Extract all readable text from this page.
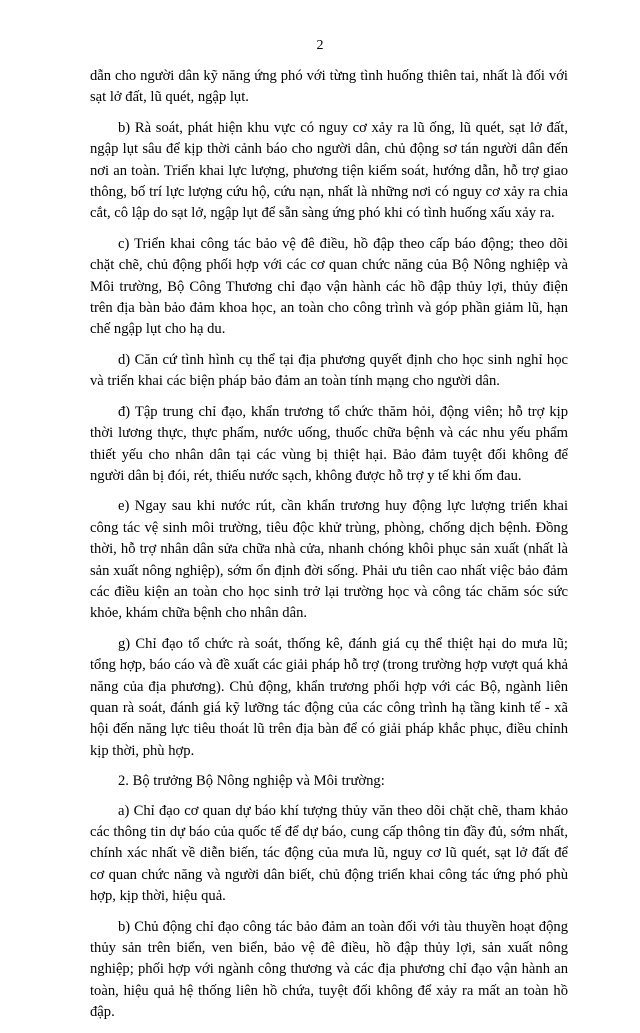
2

dẫn cho người dân kỹ năng ứng phó với từng tình huống thiên tai, nhất là đối với sạt lở đất, lũ quét, ngập lụt.

b) Rà soát, phát hiện khu vực có nguy cơ xảy ra lũ ống, lũ quét, sạt lở đất, ngập lụt sâu để kịp thời cảnh báo cho người dân, chủ động sơ tán người dân đến nơi an toàn. Triển khai lực lượng, phương tiện kiểm soát, hướng dẫn, hỗ trợ giao thông, bố trí lực lượng cứu hộ, cứu nạn, nhất là những nơi có nguy cơ xảy ra chia cắt, cô lập do sạt lở, ngập lụt để sẵn sàng ứng phó khi có tình huống xấu xảy ra.

c) Triển khai công tác bảo vệ đê điều, hồ đập theo cấp báo động; theo dõi chặt chẽ, chủ động phối hợp với các cơ quan chức năng của Bộ Nông nghiệp và Môi trường, Bộ Công Thương chỉ đạo vận hành các hồ đập thủy lợi, thủy điện trên địa bàn bảo đảm khoa học, an toàn cho công trình và góp phần giảm lũ, hạn chế ngập lụt cho hạ du.

d) Căn cứ tình hình cụ thể tại địa phương quyết định cho học sinh nghỉ học và triển khai các biện pháp bảo đảm an toàn tính mạng cho người dân.

đ) Tập trung chỉ đạo, khẩn trương tổ chức thăm hỏi, động viên; hỗ trợ kịp thời lương thực, thực phẩm, nước uống, thuốc chữa bệnh và các nhu yếu phẩm thiết yếu cho nhân dân tại các vùng bị thiệt hại. Bảo đảm tuyệt đối không để người dân bị đói, rét, thiếu nước sạch, không được hỗ trợ y tế khi ốm đau.

e) Ngay sau khi nước rút, cần khẩn trương huy động lực lượng triển khai công tác vệ sinh môi trường, tiêu độc khử trùng, phòng, chống dịch bệnh. Đồng thời, hỗ trợ nhân dân sửa chữa nhà cửa, nhanh chóng khôi phục sản xuất (nhất là sản xuất nông nghiệp), sớm ổn định đời sống. Phải ưu tiên cao nhất việc bảo đảm các điều kiện an toàn cho học sinh trở lại trường học và công tác chăm sóc sức khỏe, khám chữa bệnh cho nhân dân.

g) Chỉ đạo tổ chức rà soát, thống kê, đánh giá cụ thể thiệt hại do mưa lũ; tổng hợp, báo cáo và đề xuất các giải pháp hỗ trợ (trong trường hợp vượt quá khả năng của địa phương). Chủ động, khẩn trương phối hợp với các Bộ, ngành liên quan rà soát, đánh giá kỹ lưỡng tác động của các công trình hạ tầng kinh tế - xã hội đến năng lực tiêu thoát lũ trên địa bàn để có giải pháp khắc phục, điều chỉnh kịp thời, phù hợp.

2. Bộ trưởng Bộ Nông nghiệp và Môi trường:

a) Chỉ đạo cơ quan dự báo khí tượng thủy văn theo dõi chặt chẽ, tham khảo các thông tin dự báo của quốc tế để dự báo, cung cấp thông tin đầy đủ, sớm nhất, chính xác nhất về diễn biến, tác động của mưa lũ, nguy cơ lũ quét, sạt lở đất để cơ quan chức năng và người dân biết, chủ động triển khai công tác ứng phó phù hợp, kịp thời, hiệu quả.

b) Chủ động chỉ đạo công tác bảo đảm an toàn đối với tàu thuyền hoạt động thủy sản trên biển, ven biển, bảo vệ đê điều, hồ đập thủy lợi, sản xuất nông nghiệp; phối hợp với ngành công thương và các địa phương chỉ đạo vận hành an toàn, hiệu quả hệ thống liên hồ chứa, tuyệt đối không để xảy ra mất an toàn hồ đập.
